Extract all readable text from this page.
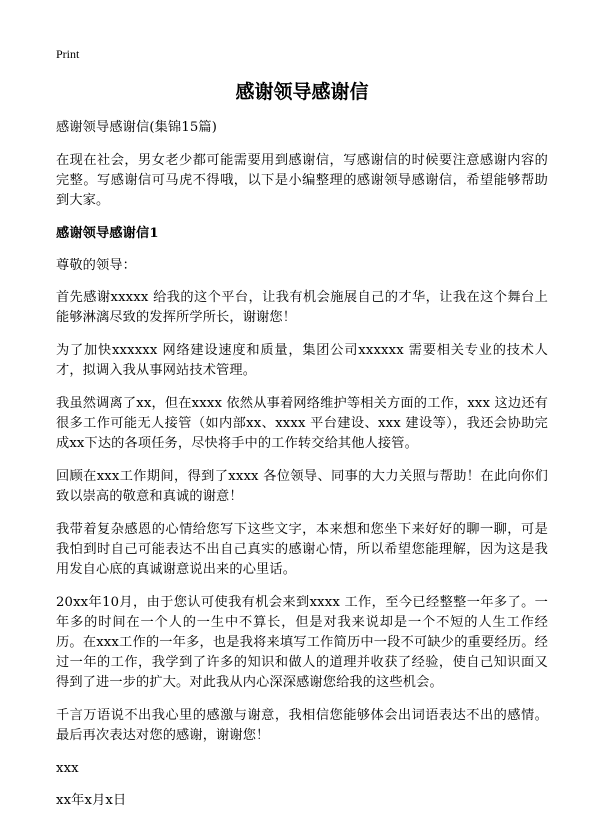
Print
感谢领导感谢信

感谢领导感谢信(集锦15篇)

在现在社会，男女老少都可能需要用到感谢信，写感谢信的时候要注意感谢内容的完整。写感谢信可马虎不得哦，以下是小编整理的感谢领导感谢信，希望能够帮助到大家。

感谢领导感谢信1

尊敬的领导：

首先感谢xxxxx 给我的这个平台，让我有机会施展自己的才华，让我在这个舞台上能够淋漓尽致的发挥所学所长，谢谢您！

为了加快xxxxxx 网络建设速度和质量，集团公司xxxxxx 需要相关专业的技术人才，拟调入我从事网站技术管理。

我虽然调离了xx，但在xxxx 依然从事着网络维护等相关方面的工作，xxx 这边还有很多工作可能无人接管（如内部xx、xxxx 平台建设、xxx 建设等），我还会协助完成xx下达的各项任务，尽快将手中的工作转交给其他人接管。

回顾在xxx工作期间，得到了xxxx 各位领导、同事的大力关照与帮助！在此向你们致以崇高的敬意和真诚的谢意！

我带着复杂感恩的心情给您写下这些文字，本来想和您坐下来好好的聊一聊，可是我怕到时自己可能表达不出自己真实的感谢心情，所以希望您能理解，因为这是我用发自心底的真诚谢意说出来的心里话。

20xx年10月，由于您认可使我有机会来到xxxx 工作，至今已经整整一年多了。一年多的时间在一个人的一生中不算长，但是对我来说却是一个不短的人生工作经历。在xxx工作的一年多，也是我将来填写工作简历中一段不可缺少的重要经历。经过一年的工作，我学到了许多的知识和做人的道理并收获了经验，使自己知识面又得到了进一步的扩大。对此我从内心深深感谢您给我的这些机会。

千言万语说不出我心里的感激与谢意，我相信您能够体会出词语表达不出的感情。最后再次表达对您的感谢，谢谢您！

xxx

xx年x月x日
